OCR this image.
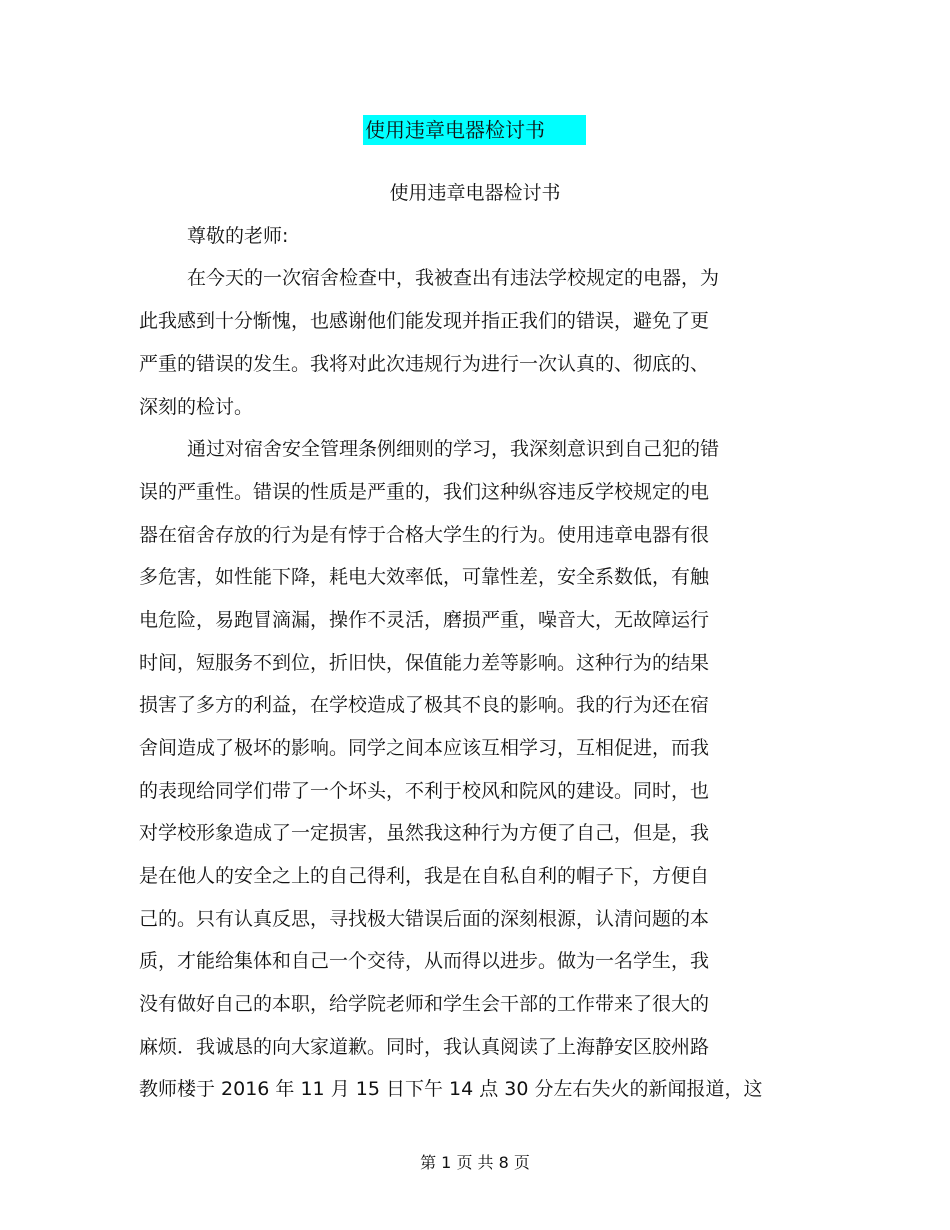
使用违章电器检讨书
使用违章电器检讨书
尊敬的老师:
在今天的一次宿舍检查中，我被查出有违法学校规定的电器，为
此我感到十分惭愧，也感谢他们能发现并指正我们的错误，避免了更
严重的错误的发生。我将对此次违规行为进行一次认真的、彻底的、
深刻的检讨。
通过对宿舍安全管理条例细则的学习，我深刻意识到自己犯的错
误的严重性。错误的性质是严重的，我们这种纵容违反学校规定的电
器在宿舍存放的行为是有悖于合格大学生的行为。使用违章电器有很
多危害，如性能下降，耗电大效率低，可靠性差，安全系数低，有触
电危险，易跑冒滴漏，操作不灵活，磨损严重，噪音大，无故障运行
时间，短服务不到位，折旧快，保值能力差等影响。这种行为的结果
损害了多方的利益，在学校造成了极其不良的影响。我的行为还在宿
舍间造成了极坏的影响。同学之间本应该互相学习，互相促进，而我
的表现给同学们带了一个坏头，不利于校风和院风的建设。同时，也
对学校形象造成了一定损害，虽然我这种行为方便了自己，但是，我
是在他人的安全之上的自己得利，我是在自私自利的帽子下，方便自
己的。只有认真反思，寻找极大错误后面的深刻根源，认清问题的本
质，才能给集体和自己一个交待，从而得以进步。做为一名学生，我
没有做好自己的本职，给学院老师和学生会干部的工作带来了很大的
麻烦．我诚恳的向大家道歉。同时，我认真阅读了上海静安区胶州路
教师楼于 2016 年 11 月 15 日下午 14 点 30 分左右失火的新闻报道，这
第 1 页 共 8 页
